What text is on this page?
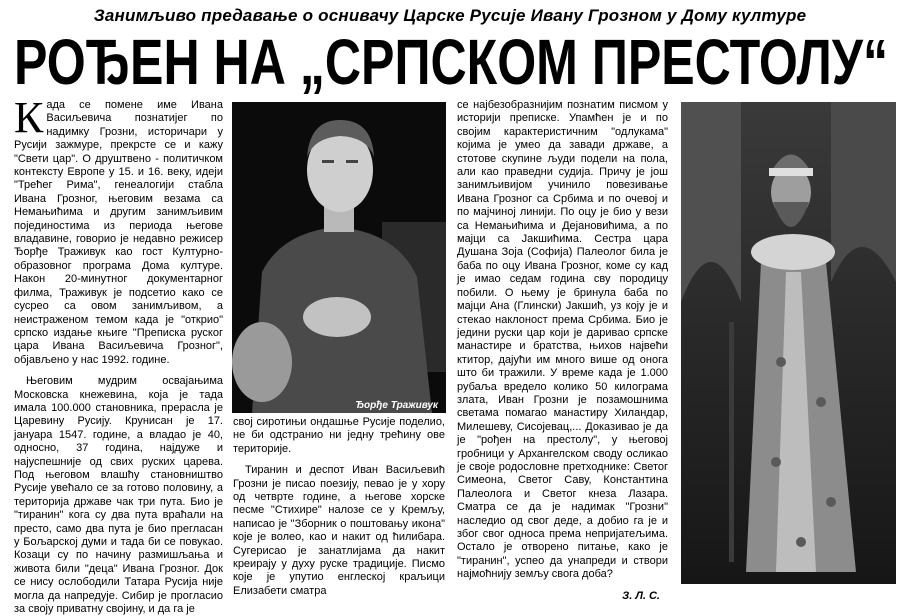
Занимљиво предавање о оснивачу Царске Русије Ивану Грозном у Дому културе
РОЂЕН НА „СРПСКОМ ПРЕСТОЛУ“

Када се помене име Ивана Васиљевича познатијег по надимку Грозни, историчари у Русији зажмуре, прекрсте се и кажу "Свети цар". О друштвено - политичком контексту Европе у 15. и 16. веку, идеји "Трећег Рима", генеалогији стабла Ивана Грозног, његовим везама са Немањићима и другим занимљивим појединостима из периода његове владавине, говорио је недавно режисер Ђорђе Траживук као гост Културно-образовног програма Дома културе. Након 20-минутног документарног филма, Траживук је подсетио како се сусрео са овом занимљивом, а неистраженом темом када је "открио" српско издање књиге "Преписка руског цара Ивана Васиљевича Грозног", објављено у нас 1992. године.

Његовим мудрим освајањима Московска кнежевина, која је тада имала 100.000 становника, прерасла је Царевину Русију. Крунисан је 17. јануара 1547. године, а владао је 40, односно, 37 година, најдуже и најуспешније од свих руских царева. Под његовом влашћу становништво Русије увећало се за готово половину, а територија државе чак три пута. Био је "тиранин" кога су два пута враћали на престо, само два пута је био прегласан у Бољарској думи и тада би се повукао. Козаци су по начину размишљања и живота били "деца" Ивана Грозног. Док се нису ослободили Татара Русија није могла да напредује. Сибир је прогласио за своју приватну својину, и да га је

Ђорђе Траживук

свој сиротињи ондашње Русије поделио, не би одстранио ни једну трећину ове територије.

Тиранин и деспот Иван Васиљевић Грозни је писао поезију, певао је у хору од четврте године, а његове хорске песме "Стихире" налозе се у Кремљу, написао је "Зборник о поштовању икона" које је волео, као и накит од ћилибара. Сугерисао је занатлијама да накит креирају у духу руске традиције. Писмо које је упутио енглеској краљици Елизабети сматра

се најбезобразнијим познатим писмом у историји преписке. Упамћен је и по својим карактеристичним "одлукама" којима је умео да завади државе, а стотове скупине људи подели на пола, али као праведни судија. Причу је још занимљивијом учинило повезивање Ивана Грозног са Србима и по очевој и по мајчиној линији. По оцу је био у вези са Немањићима и Дејановићима, а по мајци са Јакшићима. Сестра цара Душана Зоја (Софија) Палеолог била је баба по оцу Ивана Грозног, коме су кад је имао седам година сву породицу побили. О њему је бринула баба по мајци Ана (Глински) Јакшић, уз коју је и стекао наклоност према Србима. Био је једини руски цар који је даривао српске манастире и братства, њихов највећи ктитор, дајући им много више од онога што би тражили. У време када је 1.000 рубаља вредело колико 50 килограма злата, Иван Грозни је позамошнима светама помагао манастиру Хиландар, Милешеву, Сисојевац,... Доказивао је да је "рођен на престолу", у његовој гробници у Архангелском своду осликао је своје родословне претходнике: Светог Симеона, Светог Саву, Константина Палеолога и Светог кнеза Лазара. Сматра се да је надимак "Грозни" наследио од свог деде, а добио га је и због свог односа према непријатељима. Остало је отворено питање, како је "тиранин", успео да унапреди и створи најмоћнију земљу свога доба?

З. Л. С.
